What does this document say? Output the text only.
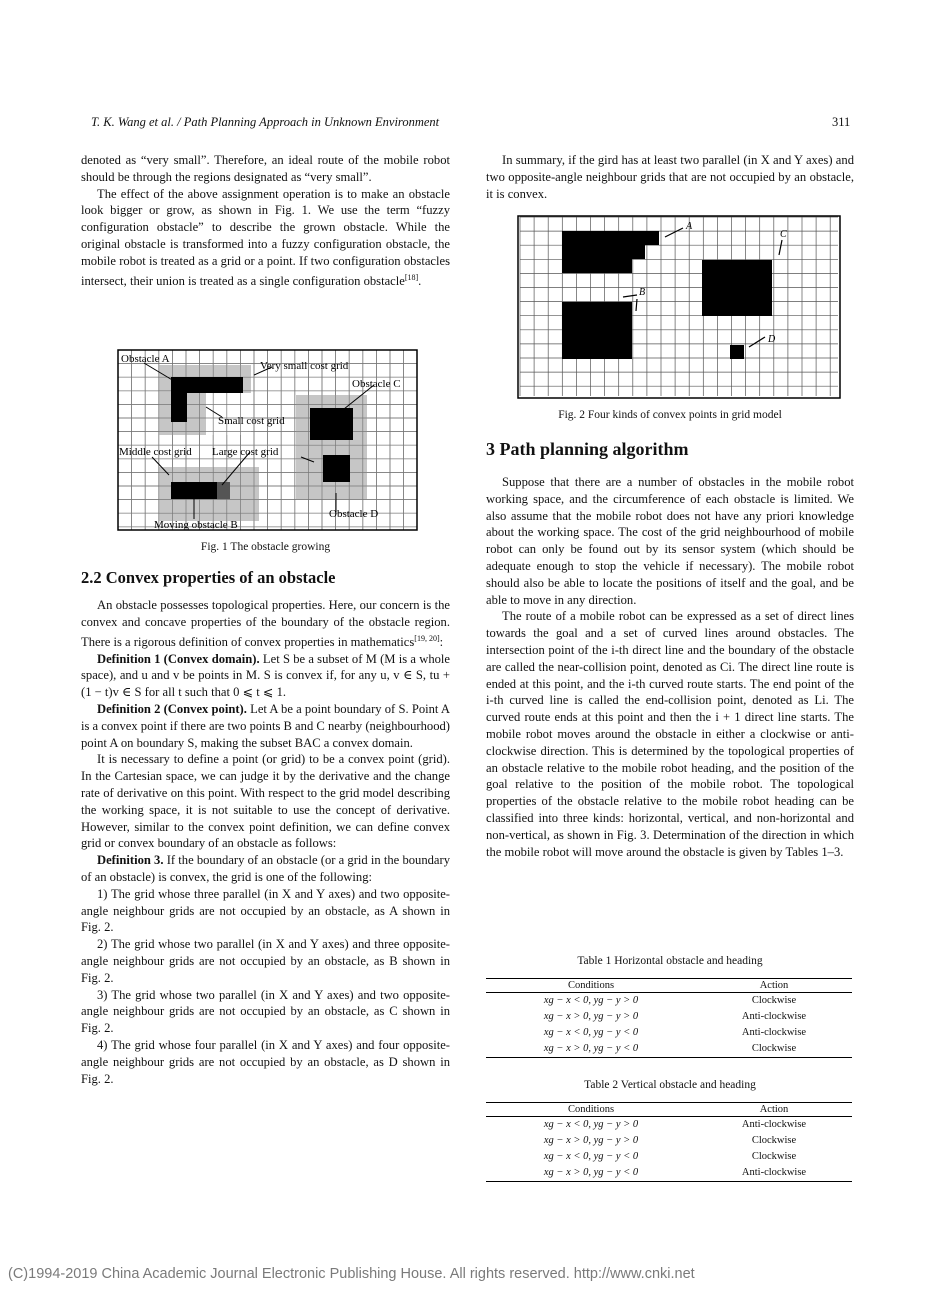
T. K. Wang et al. / Path Planning Approach in Unknown Environment	311

denoted as “very small”. Therefore, an ideal route of the mobile robot should be through the regions designated as “very small”.

The effect of the above assignment operation is to make an obstacle look bigger or grow, as shown in Fig. 1. We use the term “fuzzy configuration obstacle” to describe the grown obstacle. While the original obstacle is transformed into a fuzzy configuration obstacle, the mobile robot is treated as a grid or a point. If two configuration obstacles intersect, their union is treated as a single configuration obstacle[18].

Obstacle A
Very small cost grid
Obstacle C
Small cost grid
Middle cost grid Large cost grid
Obstacle D
Moving obstacle B
Fig. 1 The obstacle growing
2.2 Convex properties of an obstacle

An obstacle possesses topological properties. Here, our concern is the convex and concave properties of the boundary of the obstacle region. There is a rigorous definition of convex properties in mathematics[19, 20]:

Definition 1 (Convex domain). Let S be a subset of M (M is a whole space), and u and v be points in M. S is convex if, for any u, v ∈ S, tu + (1 − t)v ∈ S for all t such that 0 ⩽ t ⩽ 1.

Definition 2 (Convex point). Let A be a point boundary of S. Point A is a convex point if there are two points B and C nearby (neighbourhood) point A on boundary S, making the subset BAC a convex domain.

It is necessary to define a point (or grid) to be a convex point (grid). In the Cartesian space, we can judge it by the derivative and the change rate of derivative on this point. With respect to the grid model describing the working space, it is not suitable to use the concept of derivative. However, similar to the convex point definition, we can define convex grid or convex boundary of an obstacle as follows:

Definition 3. If the boundary of an obstacle (or a grid in the boundary of an obstacle) is convex, the grid is one of the following:

1) The grid whose three parallel (in X and Y axes) and two opposite-angle neighbour grids are not occupied by an obstacle, as A shown in Fig. 2.

2) The grid whose two parallel (in X and Y axes) and three opposite-angle neighbour grids are not occupied by an obstacle, as B shown in Fig. 2.

3) The grid whose two parallel (in X and Y axes) and two opposite-angle neighbour grids are not occupied by an obstacle, as C shown in Fig. 2.

4) The grid whose four parallel (in X and Y axes) and four opposite-angle neighbour grids are not occupied by an obstacle, as D shown in Fig. 2.

In summary, if the gird has at least two parallel (in X and Y axes) and two opposite-angle neighbour grids that are not occupied by an obstacle, it is convex.

A
C
B
D
Fig. 2 Four kinds of convex points in grid model
3 Path planning algorithm

Suppose that there are a number of obstacles in the mobile robot working space, and the circumference of each obstacle is limited. We also assume that the mobile robot does not have any priori knowledge about the working space. The cost of the grid neighbourhood of mobile robot can only be found out by its sensor system (which should be adequate enough to stop the vehicle if necessary). The mobile robot should also be able to locate the positions of itself and the goal, and be able to move in any direction.

The route of a mobile robot can be expressed as a set of direct lines towards the goal and a set of curved lines around obstacles. The intersection point of the i-th direct line and the boundary of the obstacle are called the near-collision point, denoted as Ci. The direct line route is ended at this point, and the i-th curved route starts. The end point of the i-th curved line is called the end-collision point, denoted as Li. The curved route ends at this point and then the i + 1 direct line starts. The mobile robot moves around the obstacle in either a clockwise or anti-clockwise direction. This is determined by the topological properties of an obstacle relative to the mobile robot heading, and the position of the goal relative to the position of the mobile robot. The topological properties of the obstacle relative to the mobile robot heading can be classified into three kinds: horizontal, vertical, and non-horizontal and non-vertical, as shown in Fig. 3. Determination of the direction in which the mobile robot will move around the obstacle is given by Tables 1–3.

Table 1 Horizontal obstacle and heading
Conditions	Action
xg − x < 0, yg − y > 0	Clockwise
xg − x > 0, yg − y > 0	Anti-clockwise
xg − x < 0, yg − y < 0	Anti-clockwise
xg − x > 0, yg − y < 0	Clockwise
Table 2 Vertical obstacle and heading
Conditions	Action
xg − x < 0, yg − y > 0	Anti-clockwise
xg − x > 0, yg − y > 0	Clockwise
xg − x < 0, yg − y < 0	Clockwise
xg − x > 0, yg − y < 0	Anti-clockwise
(C)1994-2019 China Academic Journal Electronic Publishing House. All rights reserved. http://www.cnki.net
